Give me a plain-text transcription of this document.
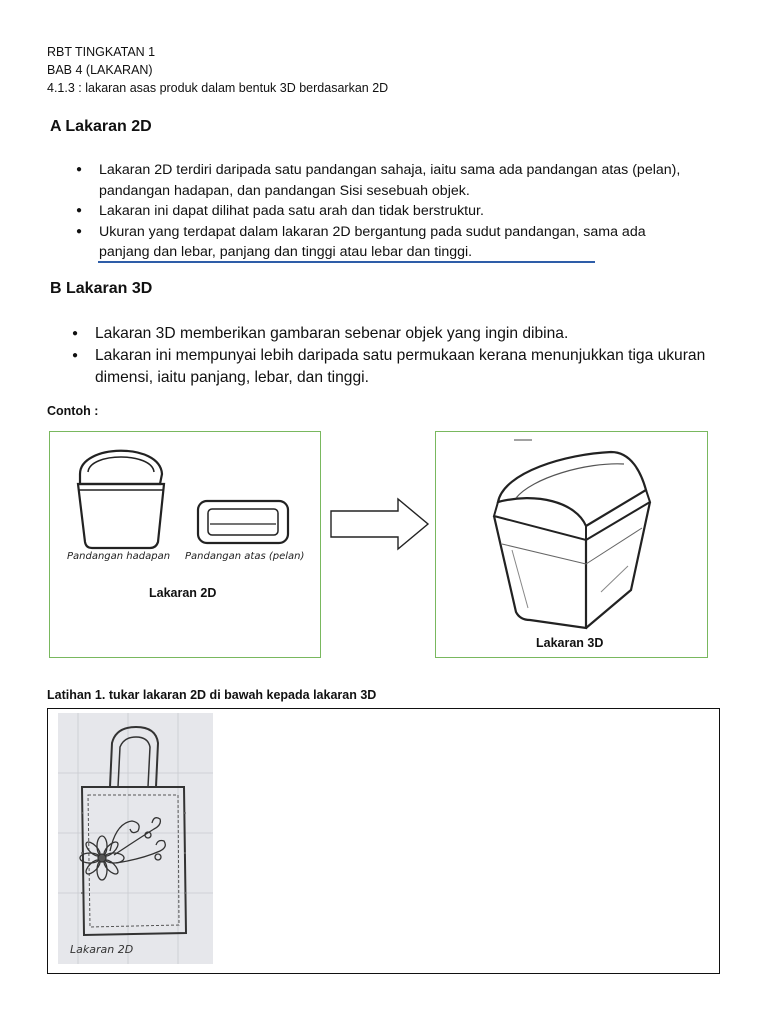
RBT TINGKATAN 1
BAB 4 (LAKARAN)
4.1.3 : lakaran asas produk dalam bentuk 3D berdasarkan 2D
A Lakaran 2D
● Lakaran 2D terdiri daripada satu pandangan sahaja, iaitu sama ada pandangan atas (pelan), pandangan hadapan, dan pandangan Sisi sesebuah objek.
● Lakaran ini dapat dilihat pada satu arah dan tidak berstruktur.
● Ukuran yang terdapat dalam lakaran 2D bergantung pada sudut pandangan, sama ada panjang dan lebar, panjang dan tinggi atau lebar dan tinggi.
B Lakaran 3D
● Lakaran 3D memberikan gambaran sebenar objek yang ingin dibina.
● Lakaran ini mempunyai lebih daripada satu permukaan kerana menunjukkan tiga ukuran dimensi, iaitu panjang, lebar, dan tinggi.
Contoh :
Pandangan hadapan Pandangan atas (pelan)
Lakaran 2D
Lakaran 3D
Latihan 1. tukar lakaran 2D di bawah kepada lakaran 3D
Lakaran 2D
